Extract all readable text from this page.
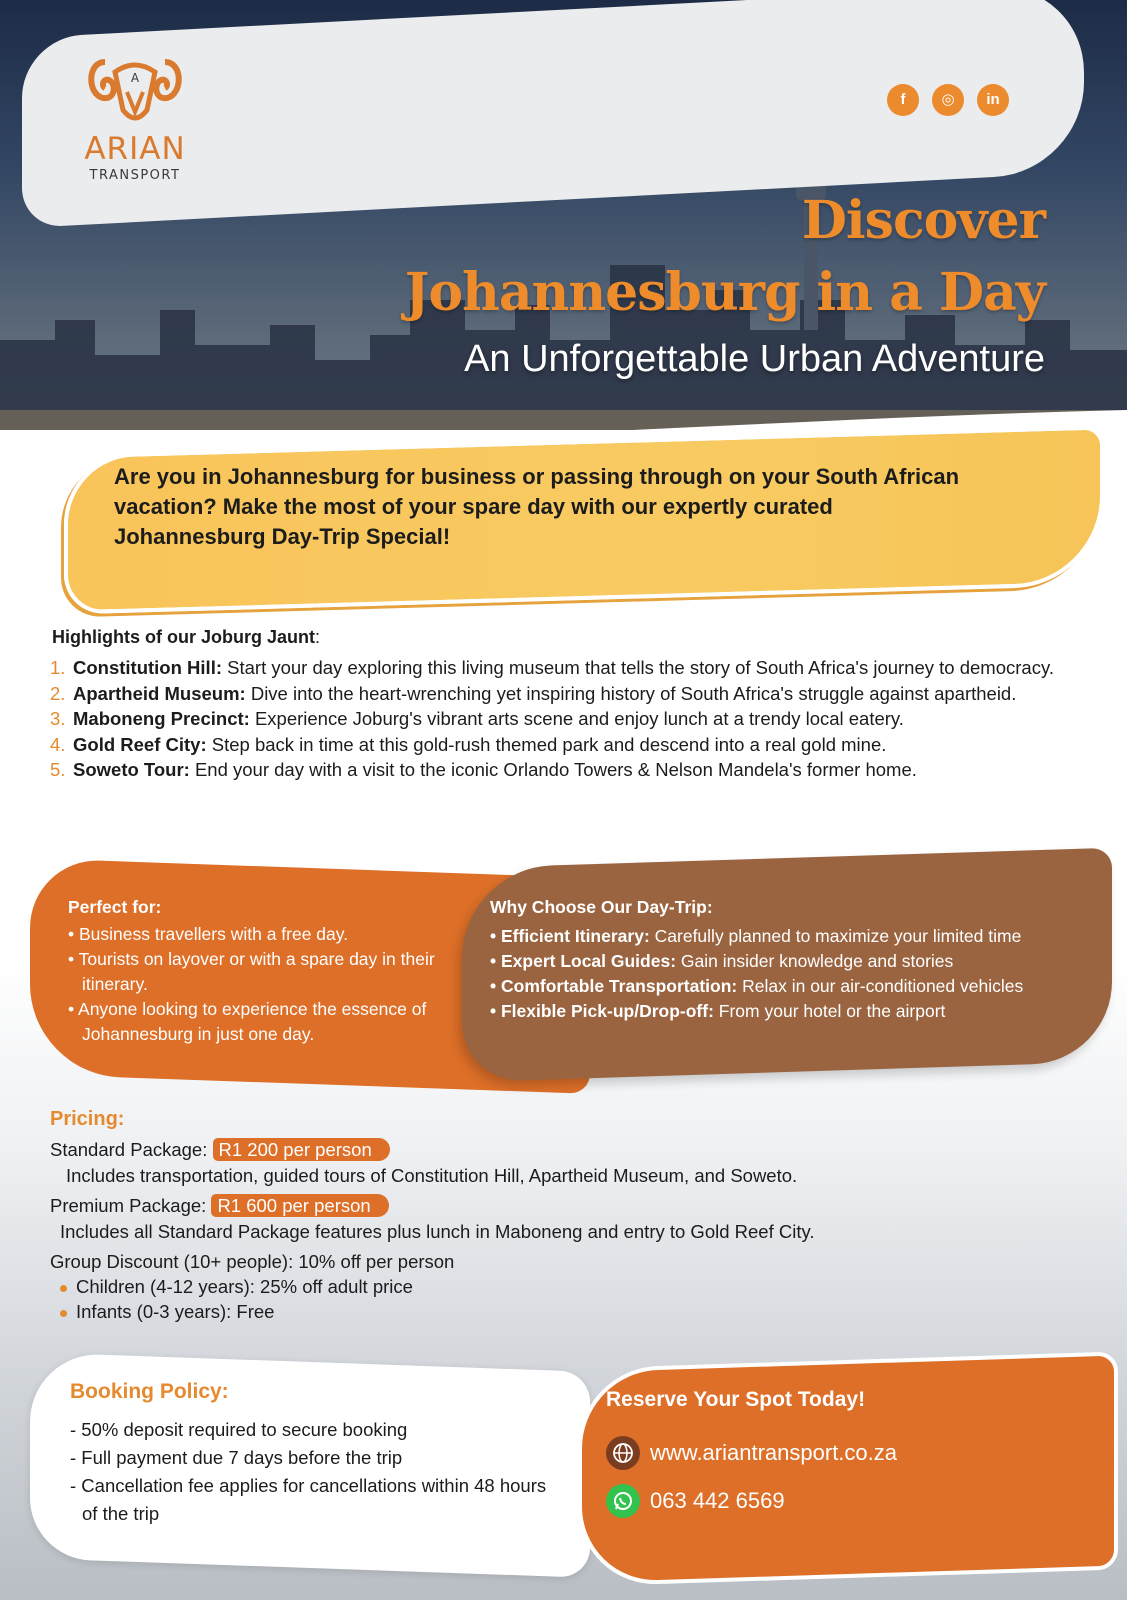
A
ARIAN
TRANSPORT
f	◎	in
Discover
Johannesburg in a Day
An Unforgettable Urban Adventure
Are you in Johannesburg for business or passing through on your South African vacation? Make the most of your spare day with our expertly curated Johannesburg Day-Trip Special!
Highlights of our Joburg Jaunt:
1. Constitution Hill: Start your day exploring this living museum that tells the story of South Africa's journey to democracy.
2. Apartheid Museum: Dive into the heart-wrenching yet inspiring history of South Africa's struggle against apartheid.
3. Maboneng Precinct: Experience Joburg's vibrant arts scene and enjoy lunch at a trendy local eatery.
4. Gold Reef City: Step back in time at this gold-rush themed park and descend into a real gold mine.
5. Soweto Tour: End your day with a visit to the iconic Orlando Towers & Nelson Mandela's former home.
Perfect for:
• Business travellers with a free day.
• Tourists on layover or with a spare day in their itinerary.
• Anyone looking to experience the essence of Johannesburg in just one day.
Why Choose Our Day-Trip:
• Efficient Itinerary: Carefully planned to maximize your limited time
• Expert Local Guides: Gain insider knowledge and stories
• Comfortable Transportation: Relax in our air-conditioned vehicles
• Flexible Pick-up/Drop-off: From your hotel or the airport
Pricing:
Standard Package: R1 200 per person
Includes transportation, guided tours of Constitution Hill, Apartheid Museum, and Soweto.
Premium Package: R1 600 per person
Includes all Standard Package features plus lunch in Maboneng and entry to Gold Reef City.
Group Discount (10+ people): 10% off per person
Children (4-12 years): 25% off adult price
Infants (0-3 years): Free
Booking Policy:
- 50% deposit required to secure booking
- Full payment due 7 days before the trip
- Cancellation fee applies for cancellations within 48 hours of the trip
Reserve Your Spot Today!
www.ariantransport.co.za
063 442 6569
